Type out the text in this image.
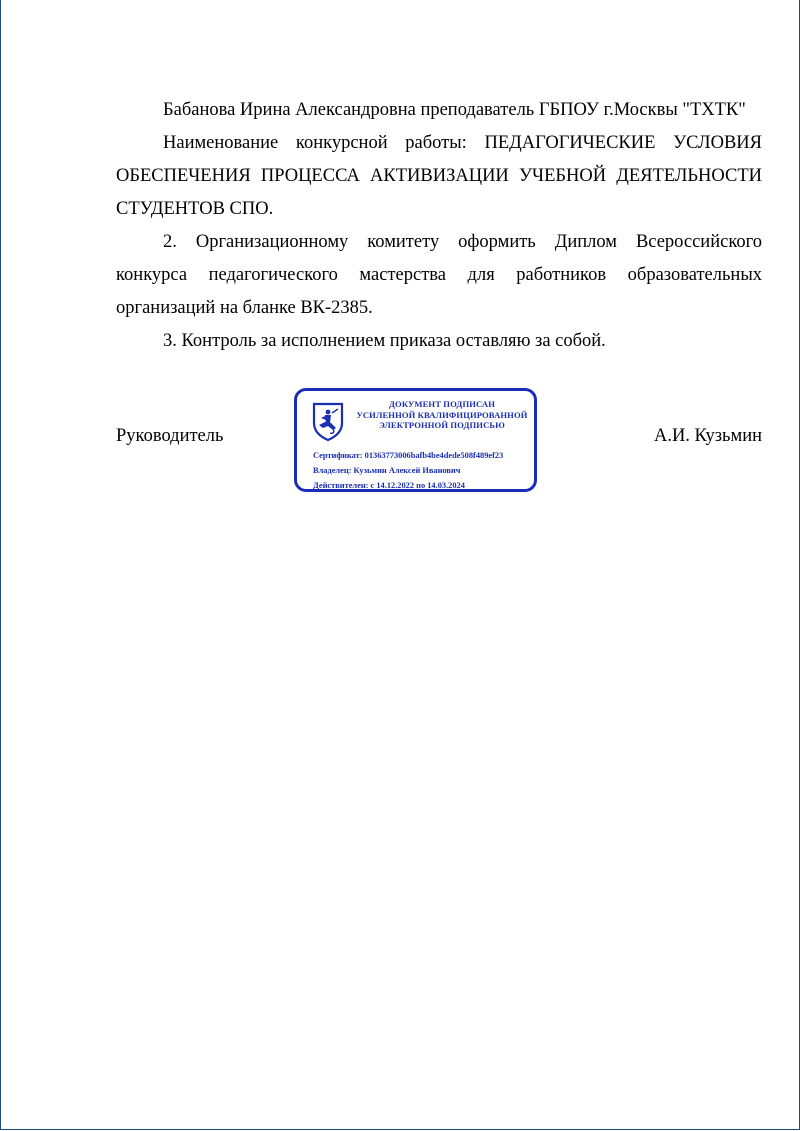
Бабанова Ирина Александровна преподаватель ГБПОУ г.Москвы "ТХТК"

Наименование конкурсной работы: ПЕДАГОГИЧЕСКИЕ УСЛОВИЯ

ОБЕСПЕЧЕНИЯ ПРОЦЕССА АКТИВИЗАЦИИ УЧЕБНОЙ ДЕЯТЕЛЬНОСТИ

СТУДЕНТОВ СПО.

2. Организационному комитету оформить Диплом Всероссийского

конкурса педагогического мастерства для работников образовательных

организаций на бланке ВК-2385.

3. Контроль за исполнением приказа оставляю за собой.

Руководитель	А.И. Кузьмин
ДОКУМЕНТ ПОДПИСАН
УСИЛЕННОЙ КВАЛИФИЦИРОВАННОЙ
ЭЛЕКТРОННОЙ ПОДПИСЬЮ
Сертификат: 01363773006bafb4be4dede508f489ef23
Владелец: Кузьмин Алексей Иванович
Действителен: с 14.12.2022 по 14.03.2024
